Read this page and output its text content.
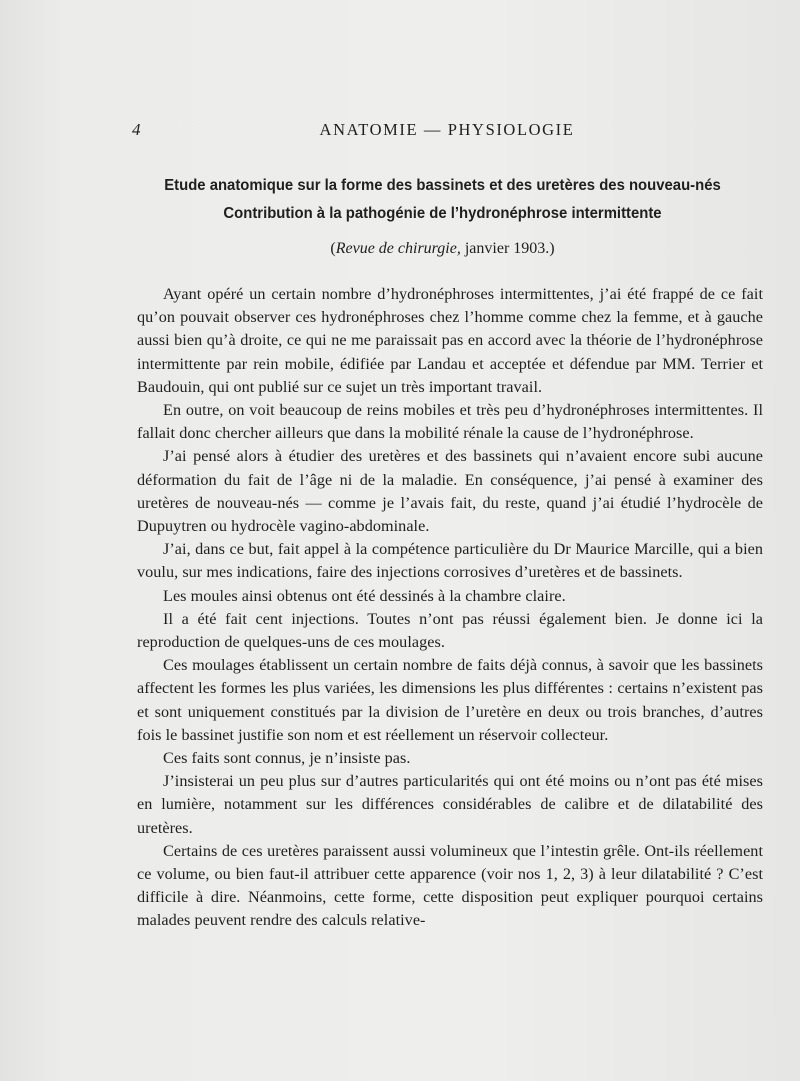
4	ANATOMIE — PHYSIOLOGIE
Etude anatomique sur la forme des bassinets et des uretères des nouveau-nés
Contribution à la pathogénie de l’hydronéphrose intermittente
(Revue de chirurgie, janvier 1903.)

Ayant opéré un certain nombre d’hydronéphroses intermittentes, j’ai été frappé de ce fait qu’on pouvait observer ces hydronéphroses chez l’homme comme chez la femme, et à gauche aussi bien qu’à droite, ce qui ne me paraissait pas en accord avec la théorie de l’hydronéphrose intermittente par rein mobile, édifiée par Landau et acceptée et défendue par MM. Terrier et Baudouin, qui ont publié sur ce sujet un très important travail.

En outre, on voit beaucoup de reins mobiles et très peu d’hydronéphroses intermittentes. Il fallait donc chercher ailleurs que dans la mobilité rénale la cause de l’hydronéphrose.

J’ai pensé alors à étudier des uretères et des bassinets qui n’avaient encore subi aucune déformation du fait de l’âge ni de la maladie. En conséquence, j’ai pensé à examiner des uretères de nouveau-nés — comme je l’avais fait, du reste, quand j’ai étudié l’hydrocèle de Dupuytren ou hydrocèle vagino-abdominale.

J’ai, dans ce but, fait appel à la compétence particulière du Dr Maurice Marcille, qui a bien voulu, sur mes indications, faire des injections corrosives d’uretères et de bassinets.

Les moules ainsi obtenus ont été dessinés à la chambre claire.

Il a été fait cent injections. Toutes n’ont pas réussi également bien. Je donne ici la reproduction de quelques-uns de ces moulages.

Ces moulages établissent un certain nombre de faits déjà connus, à savoir que les bassinets affectent les formes les plus variées, les dimensions les plus différentes : certains n’existent pas et sont uniquement constitués par la division de l’uretère en deux ou trois branches, d’autres fois le bassinet justifie son nom et est réellement un réservoir collecteur.

Ces faits sont connus, je n’insiste pas.

J’insisterai un peu plus sur d’autres particularités qui ont été moins ou n’ont pas été mises en lumière, notamment sur les différences considérables de calibre et de dilatabilité des uretères.

Certains de ces uretères paraissent aussi volumineux que l’intestin grêle. Ont-ils réellement ce volume, ou bien faut-il attribuer cette apparence (voir nos 1, 2, 3) à leur dilatabilité ? C’est difficile à dire. Néanmoins, cette forme, cette disposition peut expliquer pourquoi certains malades peuvent rendre des calculs relative-
